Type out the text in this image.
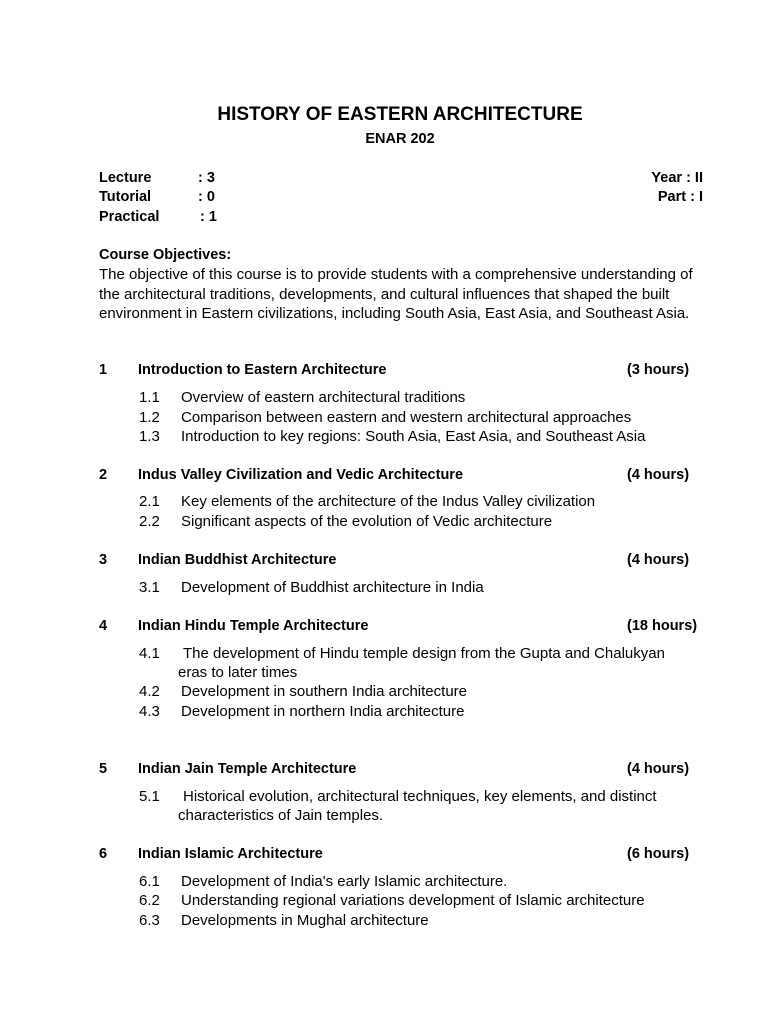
HISTORY OF EASTERN ARCHITECTURE
ENAR 202
Lecture	: 3
Tutorial	: 0
Practical	: 1
Year : II
Part : I
Course Objectives:
The objective of this course is to provide students with a comprehensive understanding of the architectural traditions, developments, and cultural influences that shaped the built environment in Eastern civilizations, including South Asia, East Asia, and Southeast Asia.
1 Introduction to Eastern Architecture	(3 hours)
1.1 Overview of eastern architectural traditions
1.2 Comparison between eastern and western architectural approaches
1.3 Introduction to key regions: South Asia, East Asia, and Southeast Asia
2 Indus Valley Civilization and Vedic Architecture	(4 hours)
2.1 Key elements of the architecture of the Indus Valley civilization
2.2 Significant aspects of the evolution of Vedic architecture
3 Indian Buddhist Architecture	(4 hours)
3.1 Development of Buddhist architecture in India
4 Indian Hindu Temple Architecture	(18 hours)
4.1 The development of Hindu temple design from the Gupta and Chalukyan
eras to later times
4.2 Development in southern India architecture
4.3 Development in northern India architecture
5 Indian Jain Temple Architecture	(4 hours)
5.1 Historical evolution, architectural techniques, key elements, and distinct
characteristics of Jain temples.
6 Indian Islamic Architecture	(6 hours)
6.1 Development of India's early Islamic architecture.
6.2 Understanding regional variations development of Islamic architecture
6.3 Developments in Mughal architecture
